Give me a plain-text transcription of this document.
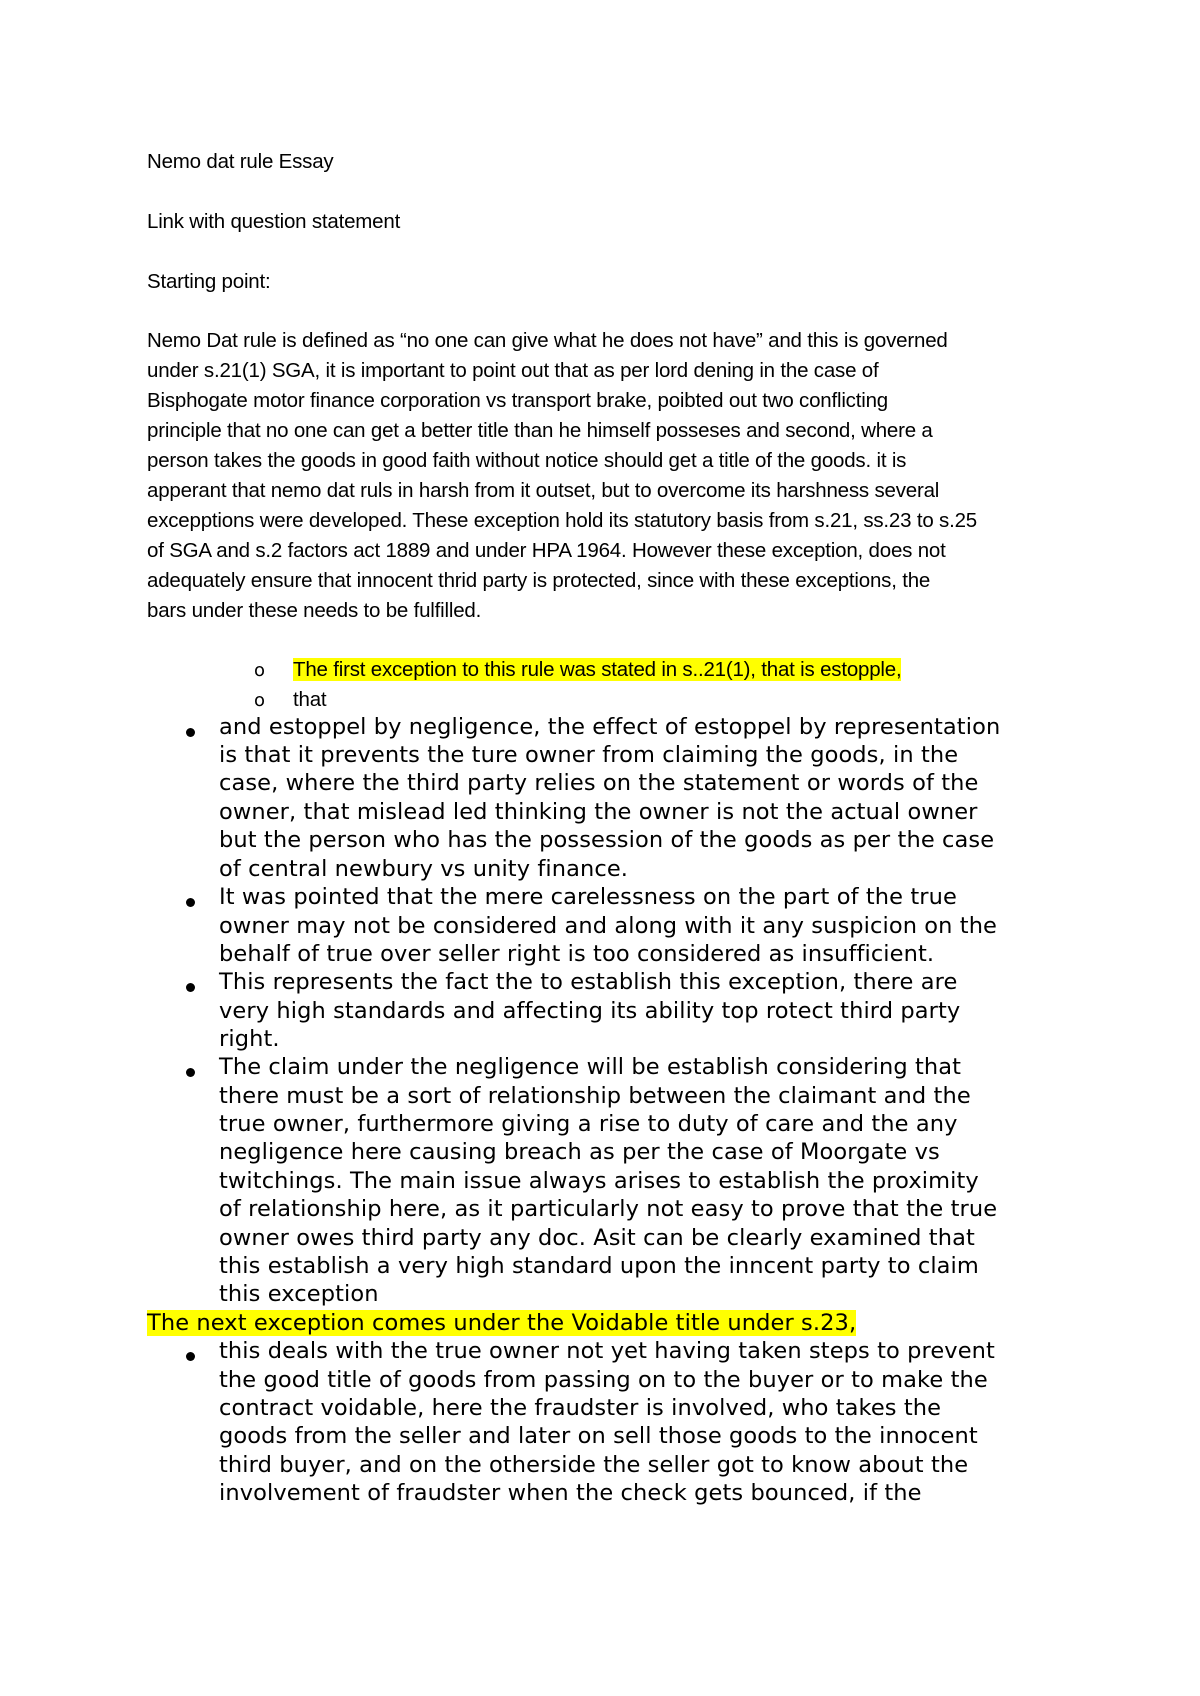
Nemo dat rule Essay

Link with question statement

Starting point:

Nemo Dat rule is defined as “no one can give what he does not have” and this is governed

under s.21(1) SGA, it is important to point out that as per lord dening in the case of

Bisphogate motor finance corporation vs transport brake, poibted out two conflicting

principle that no one can get a better title than he himself posseses and second, where a

person takes the goods in good faith without notice should get a title of the goods. it is

apperant that nemo dat ruls in harsh from it outset, but to overcome its harshness several

excepptions were developed. These exception hold its statutory basis from s.21, ss.23 to s.25

of SGA and s.2 factors act 1889 and under HPA 1964. However these exception, does not

adequately ensure that innocent thrid party is protected, since with these exceptions, the

bars under these needs to be fulfilled.

o The first exception to this rule was stated in s..21(1), that is estopple,

o that

and estoppel by negligence, the effect of estoppel by representation

is that it prevents the ture owner from claiming the goods, in the

case, where the third party relies on the statement or words of the

owner, that mislead led thinking the owner is not the actual owner

but the person who has the possession of the goods as per the case

of central newbury vs unity finance.

It was pointed that the mere carelessness on the part of the true

owner may not be considered and along with it any suspicion on the

behalf of true over seller right is too considered as insufficient.

This represents the fact the to establish this exception, there are

very high standards and affecting its ability top rotect third party

right.

The claim under the negligence will be establish considering that

there must be a sort of relationship between the claimant and the

true owner, furthermore giving a rise to duty of care and the any

negligence here causing breach as per the case of Moorgate vs

twitchings. The main issue always arises to establish the proximity

of relationship here, as it particularly not easy to prove that the true

owner owes third party any doc. Asit can be clearly examined that

this establish a very high standard upon the inncent party to claim

this exception

The next exception comes under the Voidable title under s.23,

this deals with the true owner not yet having taken steps to prevent

the good title of goods from passing on to the buyer or to make the

contract voidable, here the fraudster is involved, who takes the

goods from the seller and later on sell those goods to the innocent

third buyer, and on the otherside the seller got to know about the

involvement of fraudster when the check gets bounced, if the
